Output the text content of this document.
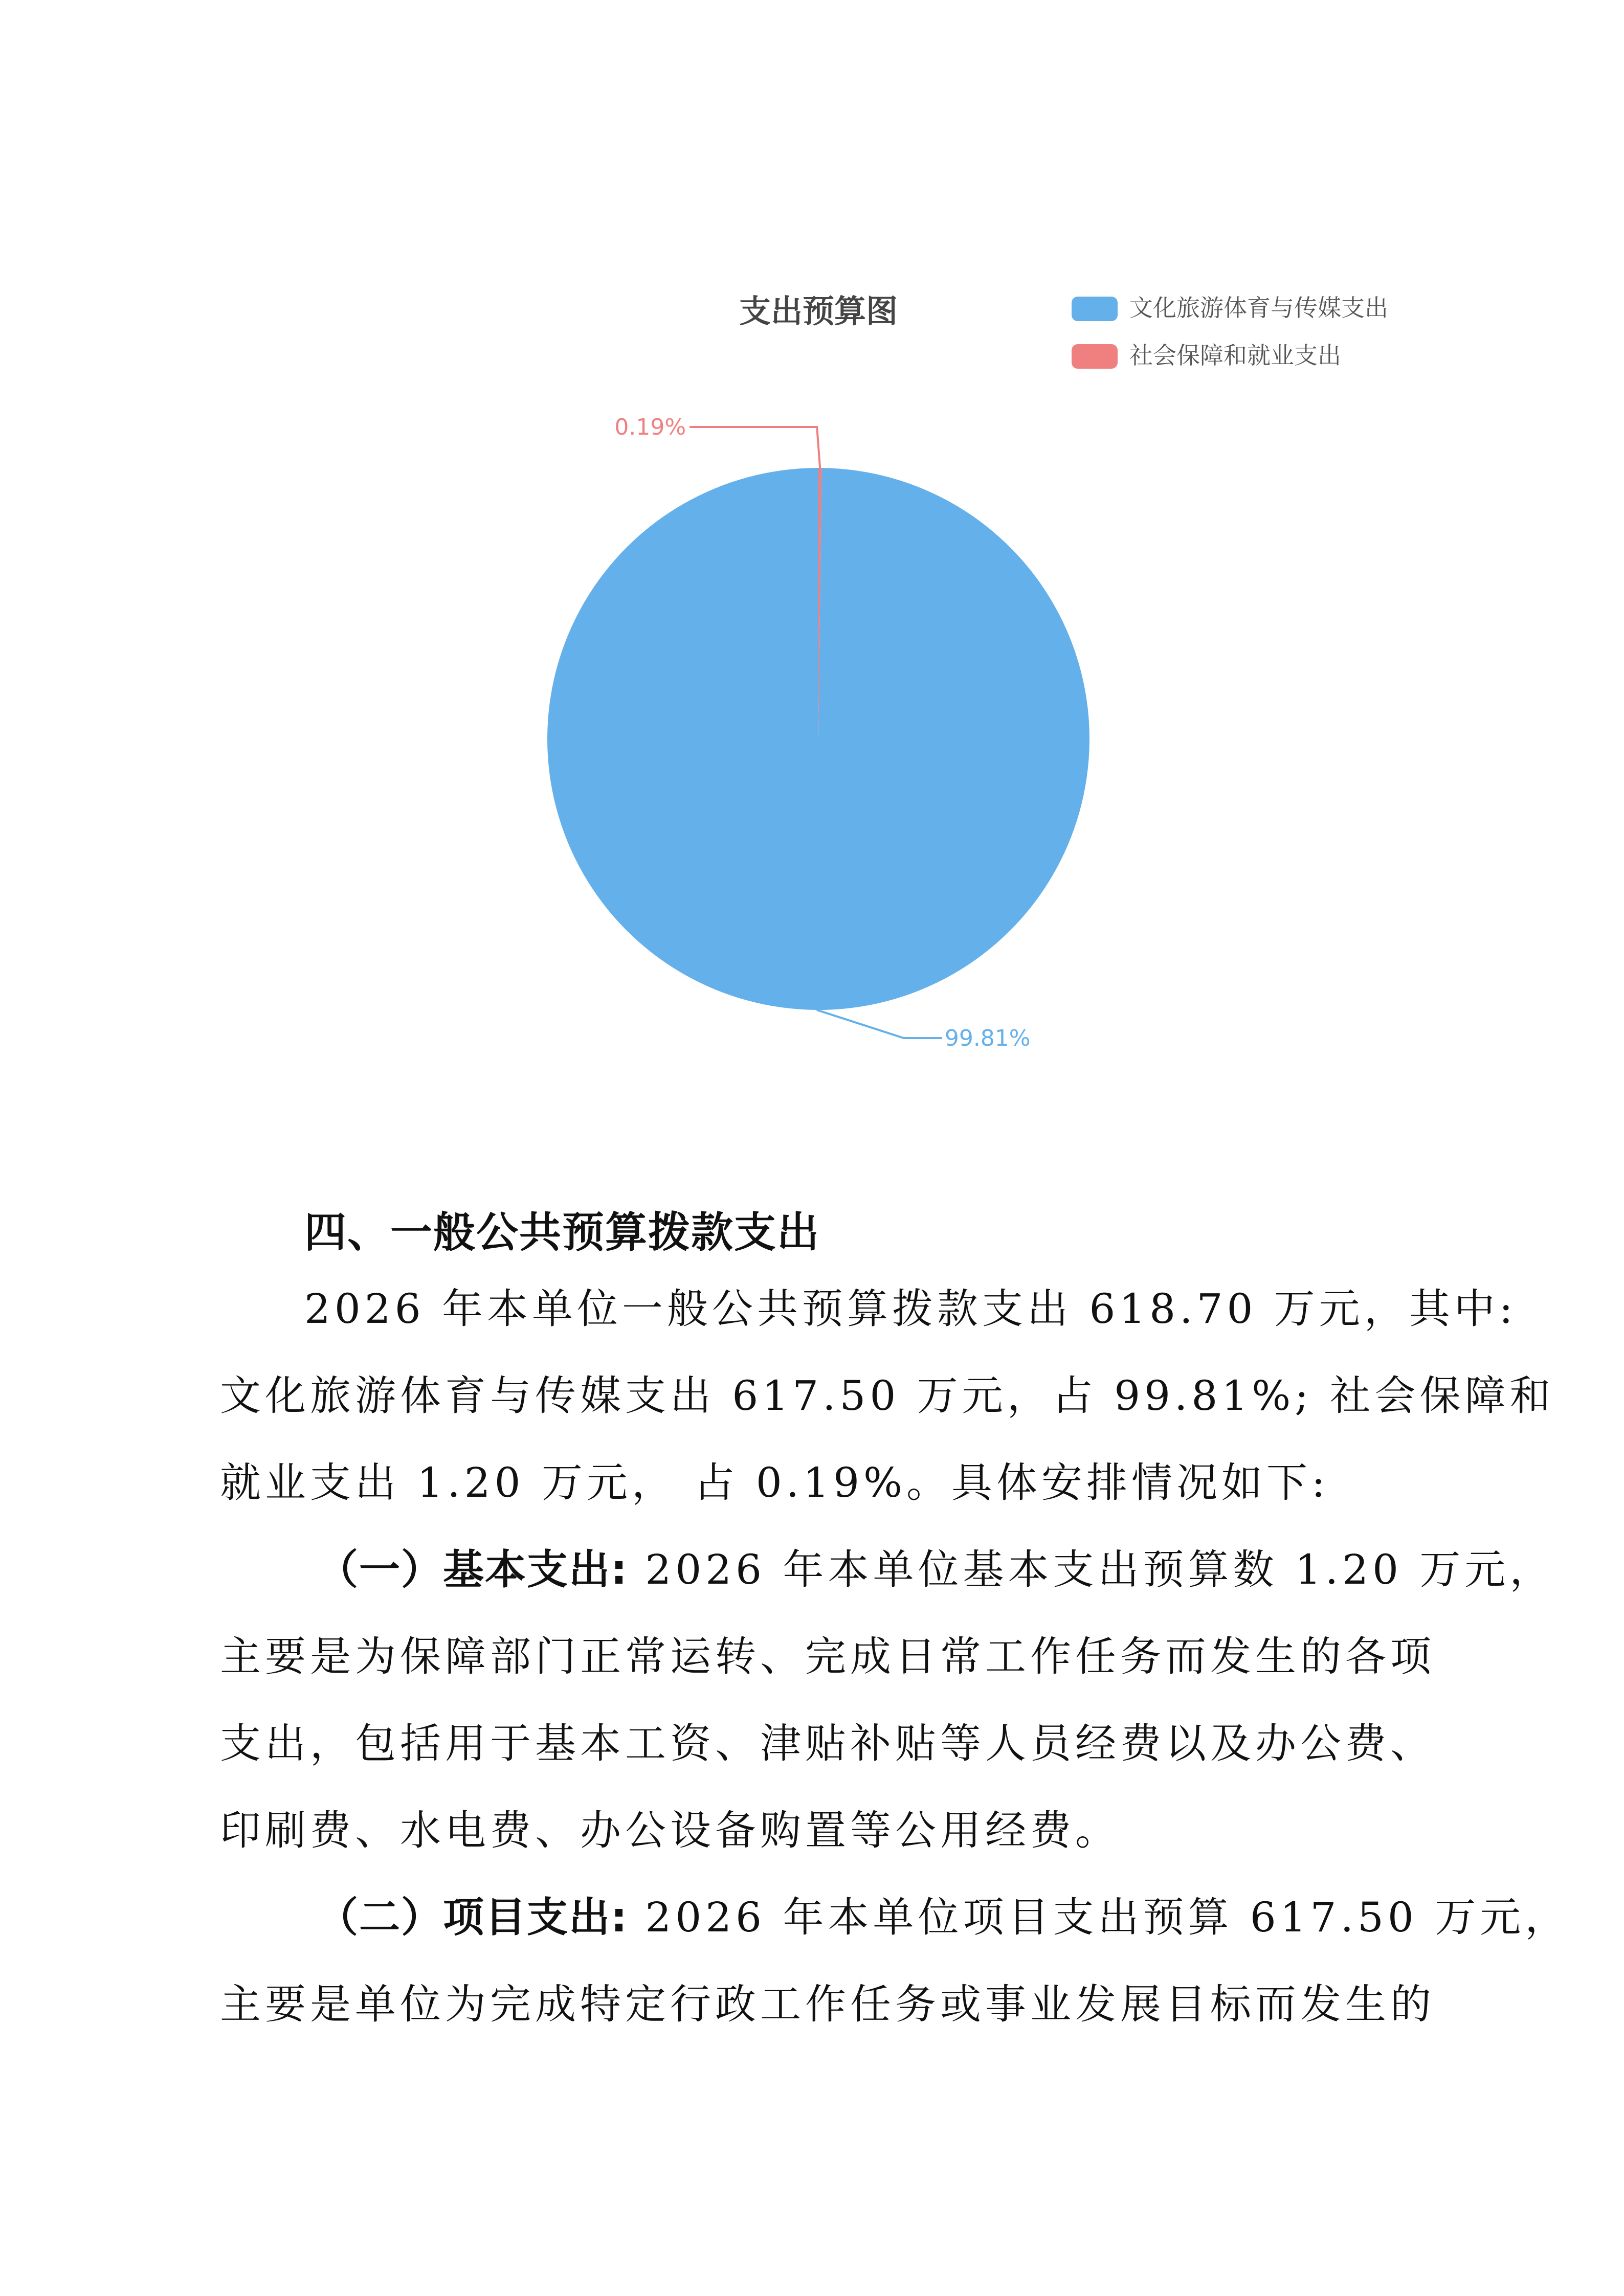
支出预算图	文化旅游体育与传媒支出
社会保障和就业支出
0.19%
99.81%
四、一般公共预算拨款支出
2026 年本单位一般公共预算拨款支出 618.70 万元，其中:
文化旅游体育与传媒支出 617.50 万元，占 99.81%; 社会保障和
就业支出 1.20 万元， 占 0.19%。具体安排情况如下:
（一）基本支出: 2026 年本单位基本支出预算数 1.20 万元，
主要是为保障部门正常运转、完成日常工作任务而发生的各项
支出，包括用于基本工资、津贴补贴等人员经费以及办公费、
印刷费、水电费、办公设备购置等公用经费。
（二）项目支出: 2026 年本单位项目支出预算 617.50 万元，
主要是单位为完成特定行政工作任务或事业发展目标而发生的
